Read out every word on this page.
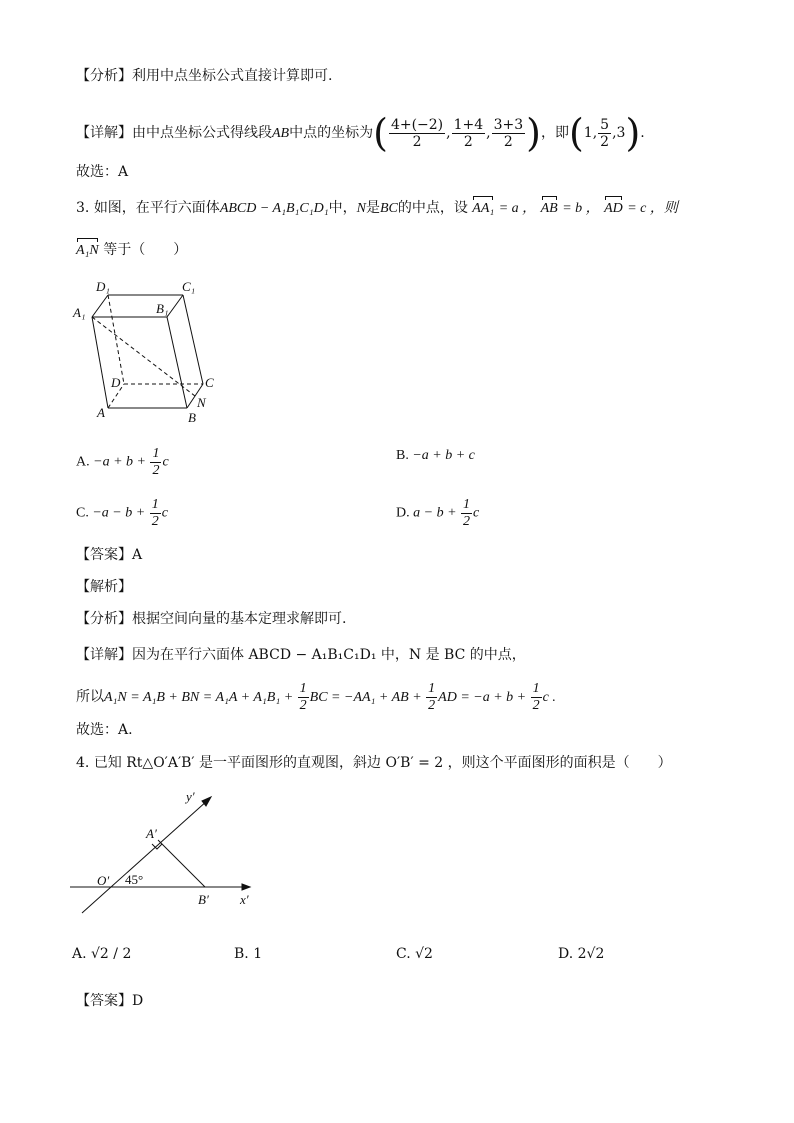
【分析】利用中点坐标公式直接计算即可.
【详解】由中点坐标公式得线段AB中点的坐标为( $\frac{4+(-2)}{2}$ , $\frac{1+4}{2}$ , $\frac{3+3}{2}$ )，即(1, $\frac{5}{2} ,3$).
故选：A
3. 如图，在平行六面体ABCD − A₁B₁C₁D₁中，N是BC的中点，设 AA₁ = a ， AB = b ， AD = c ，则
A₁N 等于（　　）
D₁	C₁
A₁	B₁
D	C
A
N
B
A. $-a + b + \frac{1}{2}$ c	B. −a + b + c
C. $-a - b + \frac{1}{2}$ c	D. $a - b + \frac{1}{2}$ c
【答案】A
【解析】
【分析】根据空间向量的基本定理求解即可.
【详解】因为在平行六面体 ABCD − A₁B₁C₁D₁ 中，N 是 BC 的中点，
所以A₁N = A₁B + BN = $A_1A + A_1B_1 + \frac{1}{2}$ BC = −AA₁ + AB + $\frac{1}{2}$ AD = $-a + b + \frac{1}{2}$ c .
故选：A.
4. 已知 Rt△O′A′B′ 是一平面图形的直观图，斜边 O′B′ = 2 ，则这个平面图形的面积是（　　）
y′
A′
O′ 45°
B′ x′
A. √2 / 2	B. 1	C. √2	D. 2√2
【答案】D
